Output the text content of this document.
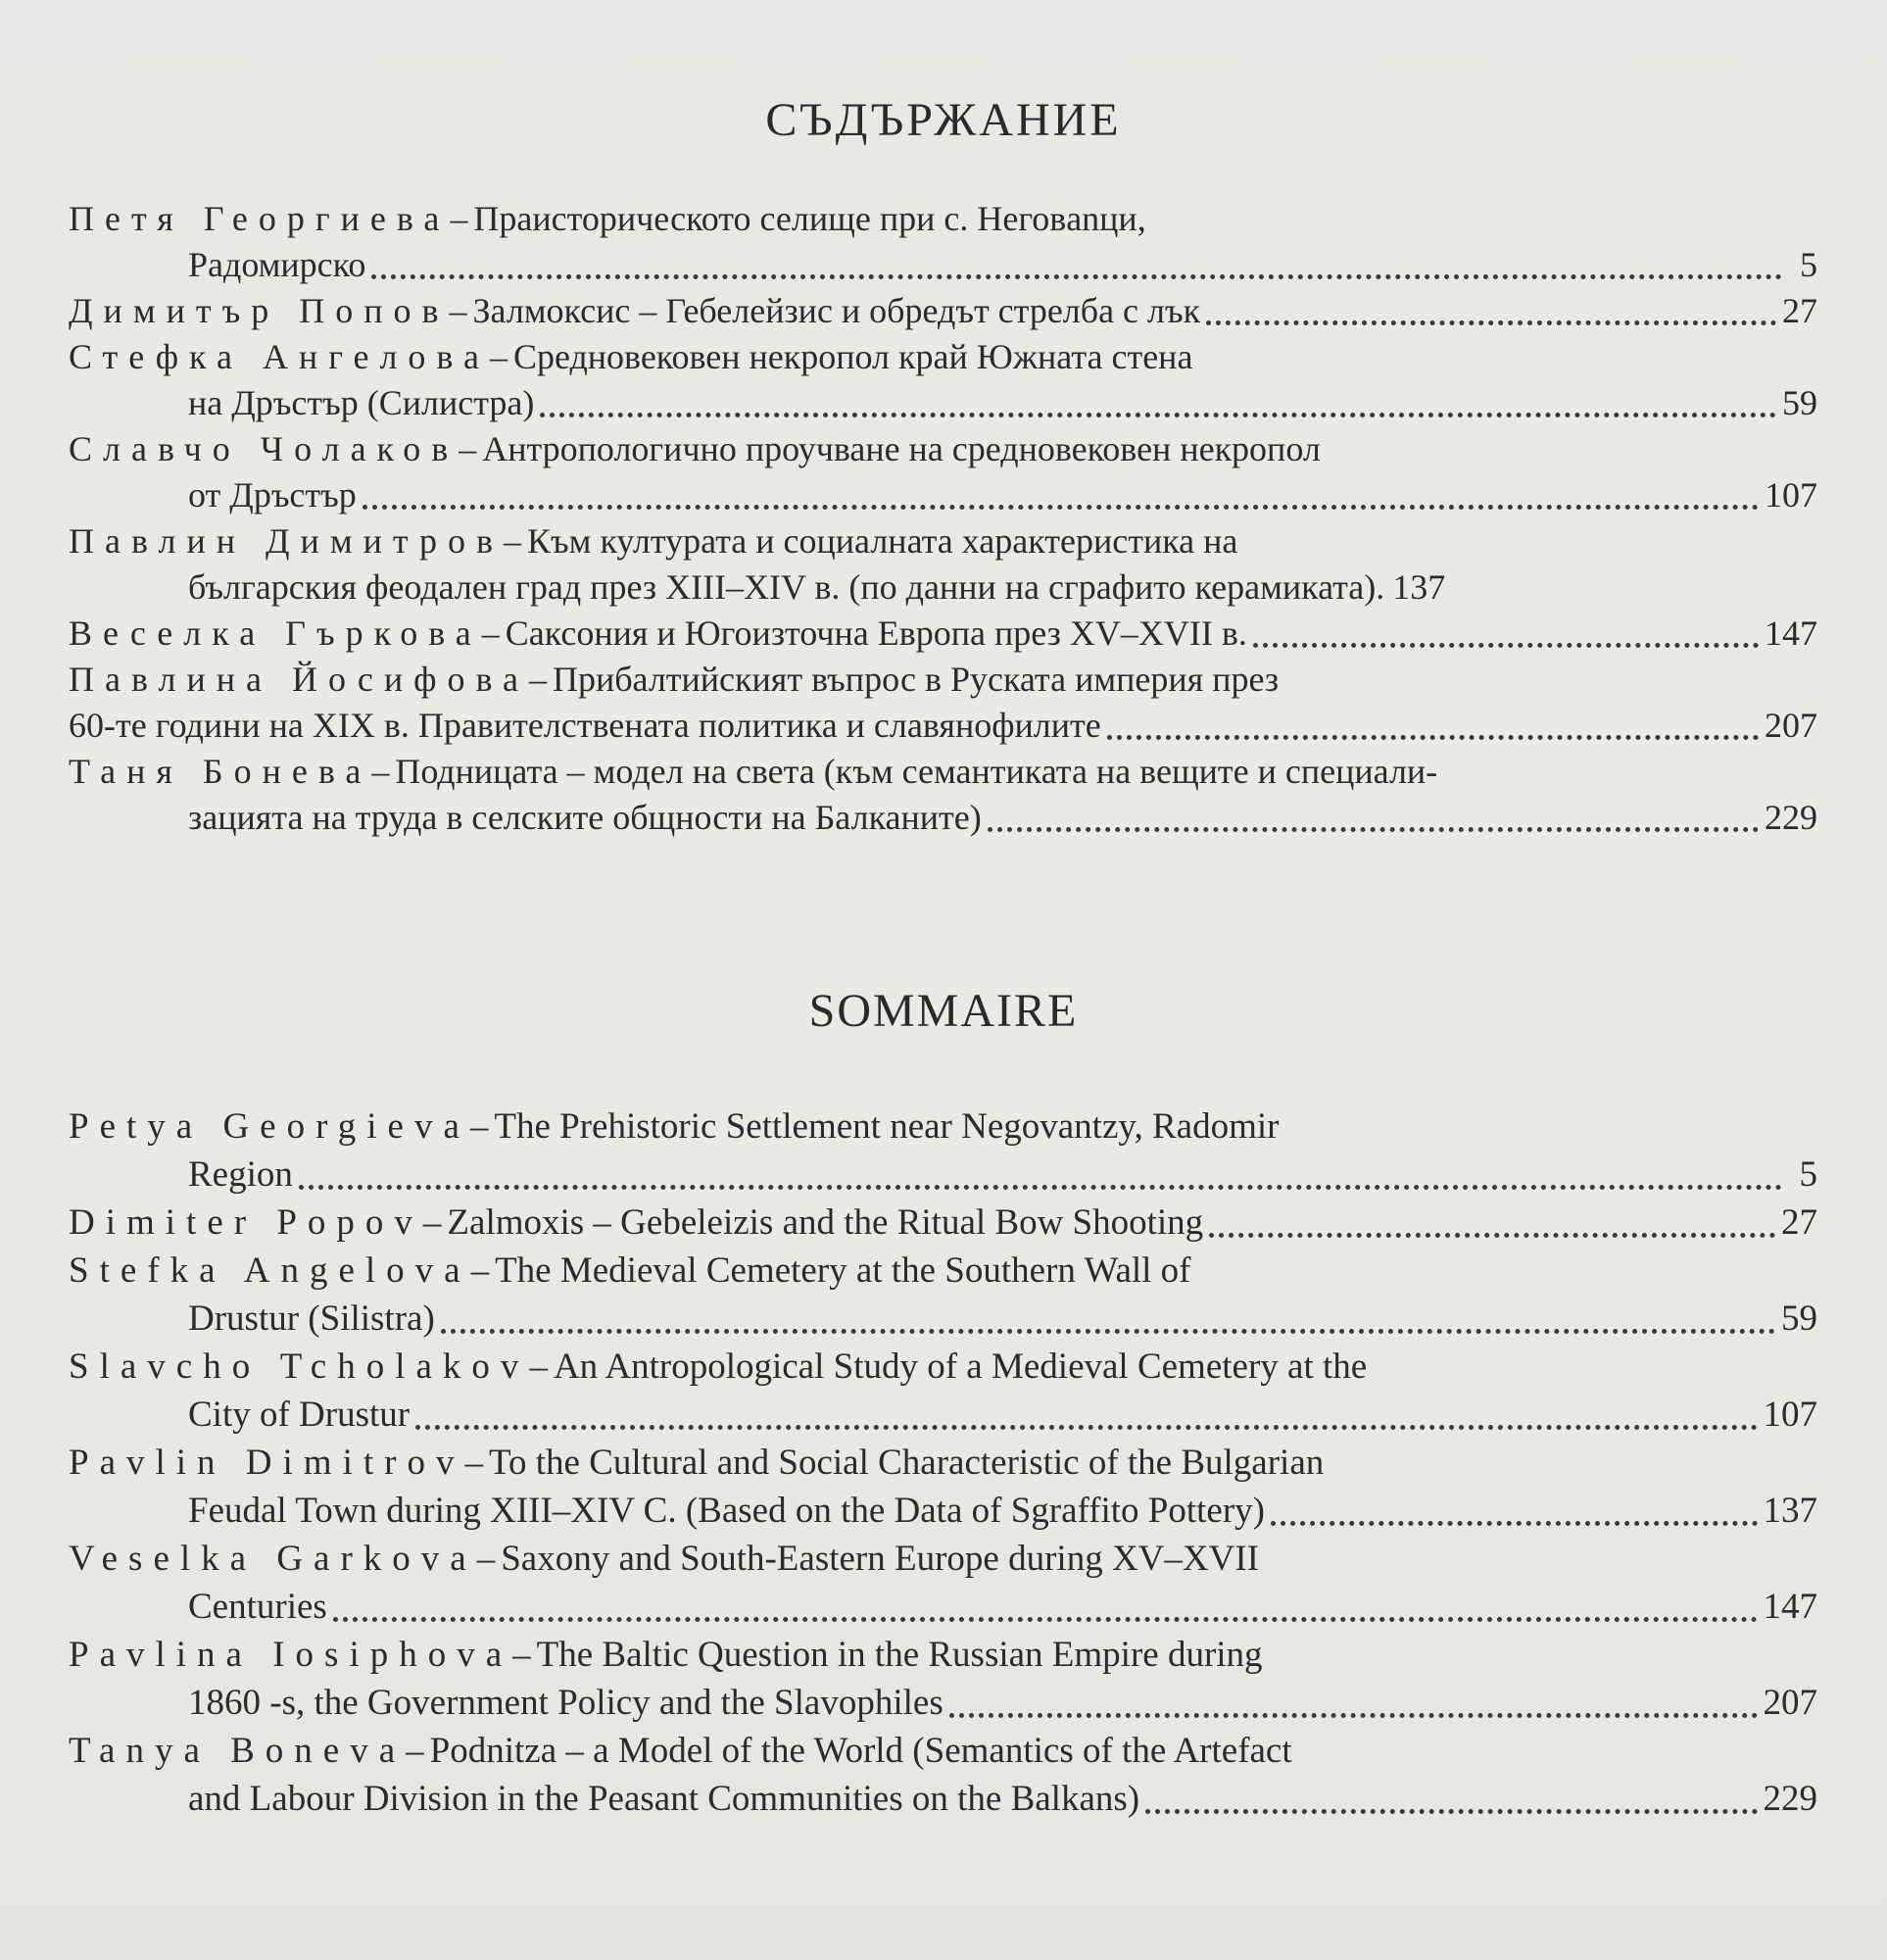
СЪДЪРЖАНИЕ
Петя Георгиева – Праисторическото селище при с. Неговanци,
Радомирско	5
Димитър Попов – Залмоксис – Гебелейзис и обредът стрелба с лък	27
Стефка Ангелова – Средновековен некропол край Южната стена
на Дръстър (Силистра)	59
Славчо Чолаков – Антропологично проучване на средновековен некропол
от Дръстър	107
Павлин Димитров – Към културата и социалната характеристика на
българския феодален град през XIII–XIV в. (по данни на сграфито керамиката). 137
Веселка Гъркова – Саксония и Югоизточна Европа през XV–XVII в.	147
Павлина Йосифова – Прибалтийският въпрос в Руската империя през
60-те години на XIX в. Правителствената политика и славянофилите	207
Таня Бонева – Подницата – модел на света (към семантиката на вещите и специали-
зацията на труда в селските общности на Балканите)	229
SOMMAIRE
Petya Georgieva – The Prehistoric Settlement near Negovantzy, Radomir
Region	5
Dimiter Popov – Zalmoxis – Gebeleizis and the Ritual Bow Shooting	27
Stefka Angelova – The Medieval Cemetery at the Southern Wall of
Drustur (Silistra)	59
Slavcho Tcholakov – An Antropological Study of a Medieval Cemetery at the
City of Drustur	107
Pavlin Dimitrov – To the Cultural and Social Characteristic of the Bulgarian
Feudal Town during XIII–XIV C. (Based on the Data of Sgraffito Pottery)	137
Veselka Garkova – Saxony and South-Eastern Europe during XV–XVII
Centuries	147
Pavlina Iosiphova – The Baltic Question in the Russian Empire during
1860 -s, the Government Policy and the Slavophiles	207
Tanya Boneva – Podnitza – a Model of the World (Semantics of the Artefact
and Labour Division in the Peasant Communities on the Balkans)	229
